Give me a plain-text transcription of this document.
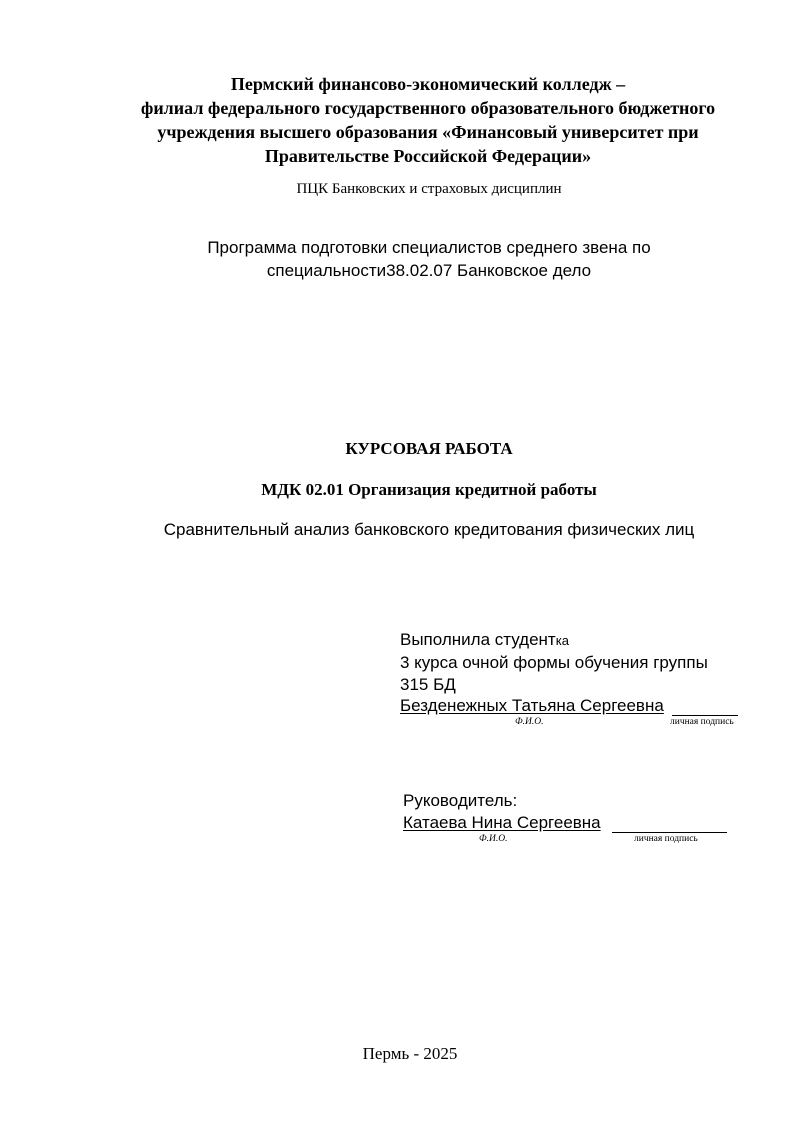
Пермский финансово-экономический колледж –
филиал федерального государственного образовательного бюджетного
учреждения высшего образования «Финансовый университет при
Правительстве Российской Федерации»
ПЦК Банковских и страховых дисциплин
Программа подготовки специалистов среднего звена по
специальности38.02.07 Банковское дело
КУРСОВАЯ РАБОТА
МДК 02.01 Организация кредитной работы
Сравнительный анализ банковского кредитования физических лиц
Выполнила студентка
3 курса очной формы обучения группы
315 БД
Безденежных Татьяна Сергеевна
Ф.И.О.	личная подпись
Руководитель:
Катаева Нина Сергеевна
Ф.И.О.	личная подпись
Пермь - 2025
